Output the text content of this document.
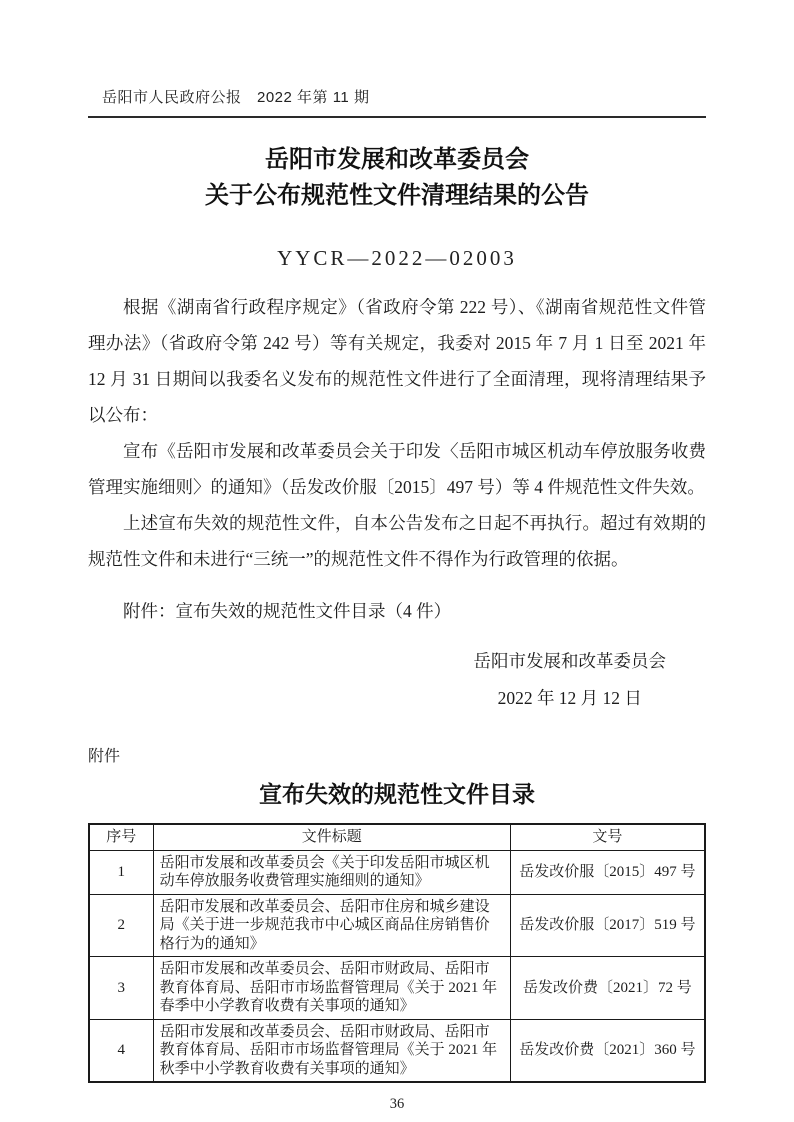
岳阳市人民政府公报　2022 年第 11 期
岳阳市发展和改革委员会
关于公布规范性文件清理结果的公告
YYCR—2022—02003

根据《湖南省行政程序规定》（省政府令第 222 号）、《湖南省规范性文件管理办法》（省政府令第 242 号）等有关规定，我委对 2015 年 7 月 1 日至 2021 年 12 月 31 日期间以我委名义发布的规范性文件进行了全面清理，现将清理结果予以公布：

宣布《岳阳市发展和改革委员会关于印发〈岳阳市城区机动车停放服务收费管理实施细则〉的通知》（岳发改价服〔2015〕497 号）等 4 件规范性文件失效。

上述宣布失效的规范性文件，自本公告发布之日起不再执行。超过有效期的规范性文件和未进行“三统一”的规范性文件不得作为行政管理的依据。

附件：宣布失效的规范性文件目录（4 件）
岳阳市发展和改革委员会
2022 年 12 月 12 日
附件
宣布失效的规范性文件目录
序号	文件标题	文号
1	岳阳市发展和改革委员会《关于印发岳阳市城区机动车停放服务收费管理实施细则的通知》	岳发改价服〔2015〕497 号
2	岳阳市发展和改革委员会、岳阳市住房和城乡建设局《关于进一步规范我市中心城区商品住房销售价格行为的通知》	岳发改价服〔2017〕519 号
3	岳阳市发展和改革委员会、岳阳市财政局、岳阳市教育体育局、岳阳市市场监督管理局《关于 2021 年春季中小学教育收费有关事项的通知》	岳发改价费〔2021〕72 号
4	岳阳市发展和改革委员会、岳阳市财政局、岳阳市教育体育局、岳阳市市场监督管理局《关于 2021 年秋季中小学教育收费有关事项的通知》	岳发改价费〔2021〕360 号
36
